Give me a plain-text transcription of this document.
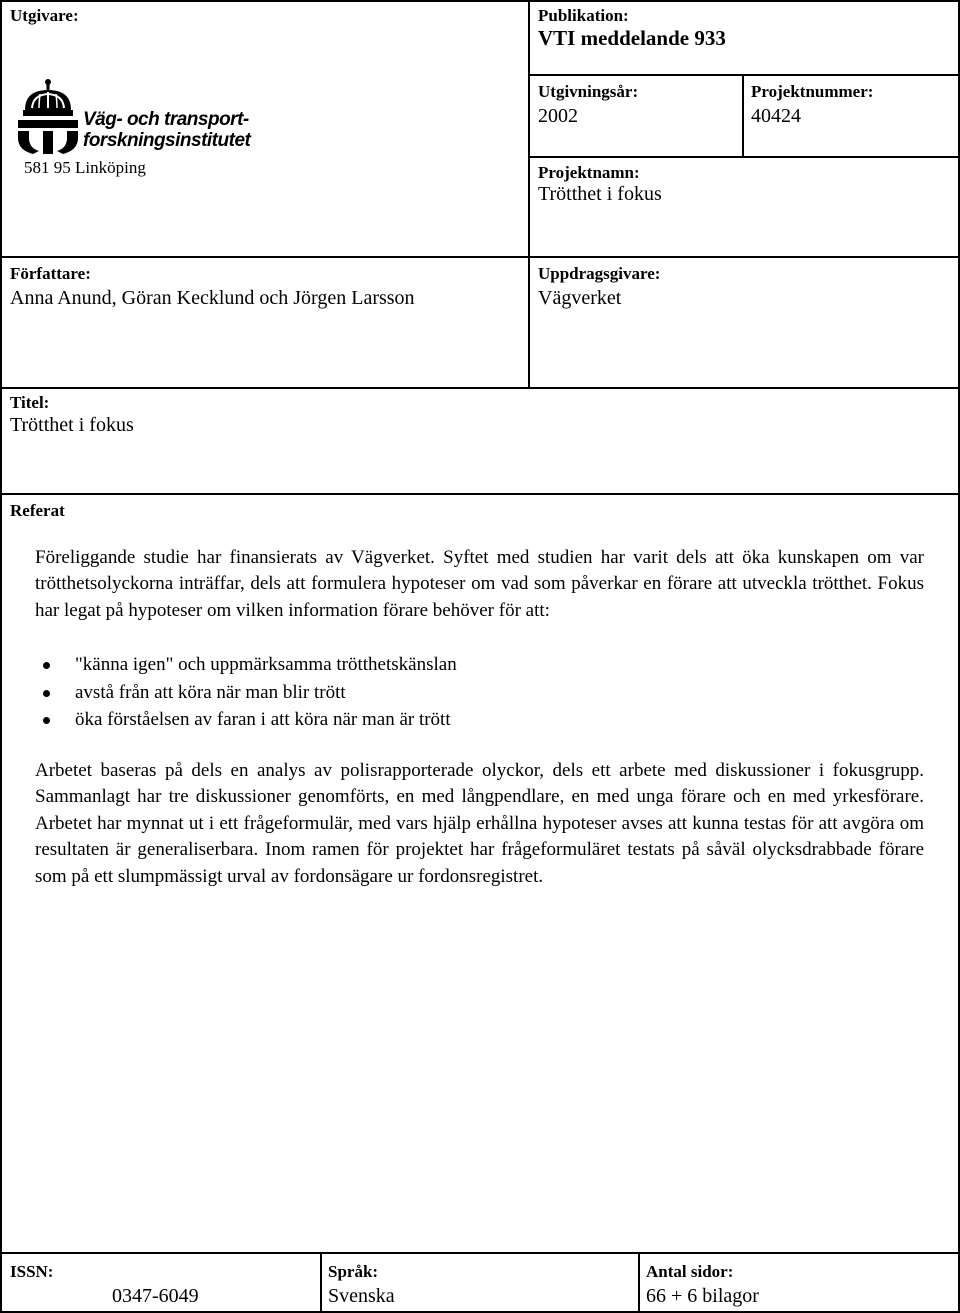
Utgivare:
Väg- och transport-
forskningsinstitutet
581 95 Linköping
Publikation:
VTI meddelande 933
Utgivningsår:
2002
Projektnummer:
40424
Projektnamn:
Trötthet i fokus
Författare:
Anna Anund, Göran Kecklund och Jörgen Larsson
Uppdragsgivare:
Vägverket
Titel:
Trötthet i fokus
Referat
Föreliggande studie har finansierats av Vägverket. Syftet med studien har varit dels att öka kunskapen om var trötthetsolyckorna inträffar, dels att formulera hypoteser om vad som påverkar en förare att utveckla trötthet. Fokus har legat på hypoteser om vilken information förare behöver för att:
"känna igen" och uppmärksamma trötthetskänslan
avstå från att köra när man blir trött
öka förståelsen av faran i att köra när man är trött
Arbetet baseras på dels en analys av polisrapporterade olyckor, dels ett arbete med diskussioner i fokusgrupp. Sammanlagt har tre diskussioner genomförts, en med långpendlare, en med unga förare och en med yrkesförare. Arbetet har mynnat ut i ett frågeformulär, med vars hjälp erhållna hypoteser avses att kunna testas för att avgöra om resultaten är generaliserbara. Inom ramen för projektet har frågeformuläret testats på såväl olycksdrabbade förare som på ett slumpmässigt urval av fordonsägare ur fordonsregistret.
ISSN:
0347-6049
Språk:
Svenska
Antal sidor:
66 + 6 bilagor
